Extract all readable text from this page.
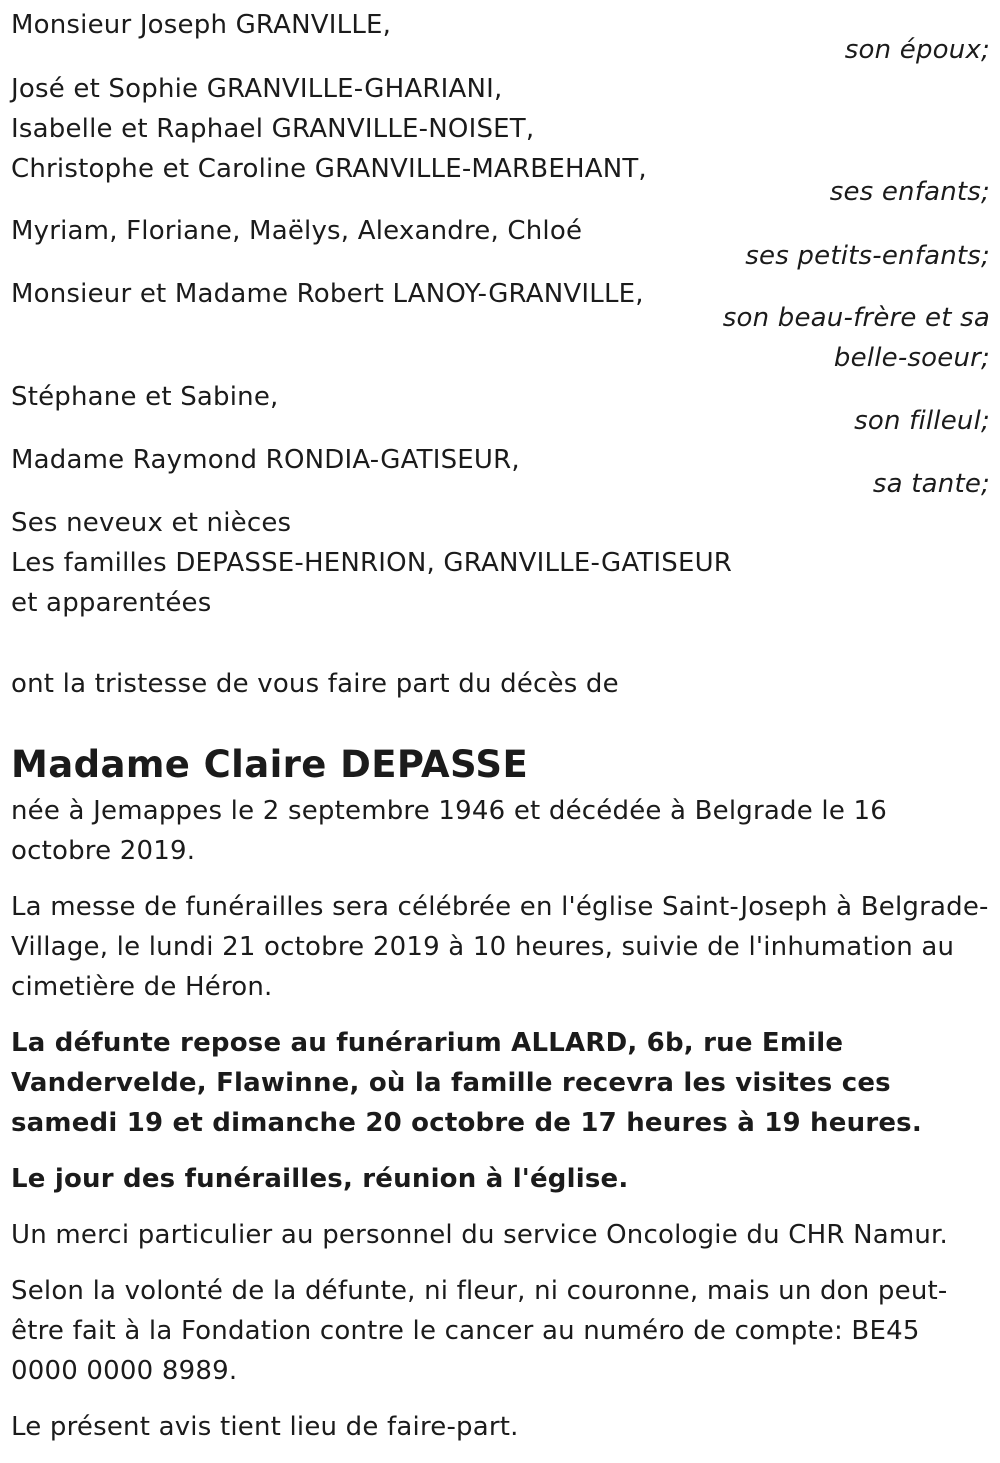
Monsieur Joseph GRANVILLE,
son époux;
José et Sophie GRANVILLE-GHARIANI,
Isabelle et Raphael GRANVILLE-NOISET,
Christophe et Caroline GRANVILLE-MARBEHANT,
ses enfants;
Myriam, Floriane, Maëlys, Alexandre, Chloé
ses petits-enfants;
Monsieur et Madame Robert LANOY-GRANVILLE,
son beau-frère et sa
belle-soeur;
Stéphane et Sabine,
son filleul;
Madame Raymond RONDIA-GATISEUR,
sa tante;
Ses neveux et nièces
Les familles DEPASSE-HENRION, GRANVILLE-GATISEUR
et apparentées
ont la tristesse de vous faire part du décès de
Madame Claire DEPASSE
née à Jemappes le 2 septembre 1946 et décédée à Belgrade le 16 octobre 2019.
La messe de funérailles sera célébrée en l'église Saint-Joseph à Belgrade-Village, le lundi 21 octobre 2019 à 10 heures, suivie de l'inhumation au cimetière de Héron.
La défunte repose au funérarium ALLARD, 6b, rue Emile Vandervelde, Flawinne, où la famille recevra les visites ces samedi 19 et dimanche 20 octobre de 17 heures à 19 heures.
Le jour des funérailles, réunion à l'église.
Un merci particulier au personnel du service Oncologie du CHR Namur.
Selon la volonté de la défunte, ni fleur, ni couronne, mais un don peut-être fait à la Fondation contre le cancer au numéro de compte: BE45 0000 0000 8989.
Le présent avis tient lieu de faire-part.
